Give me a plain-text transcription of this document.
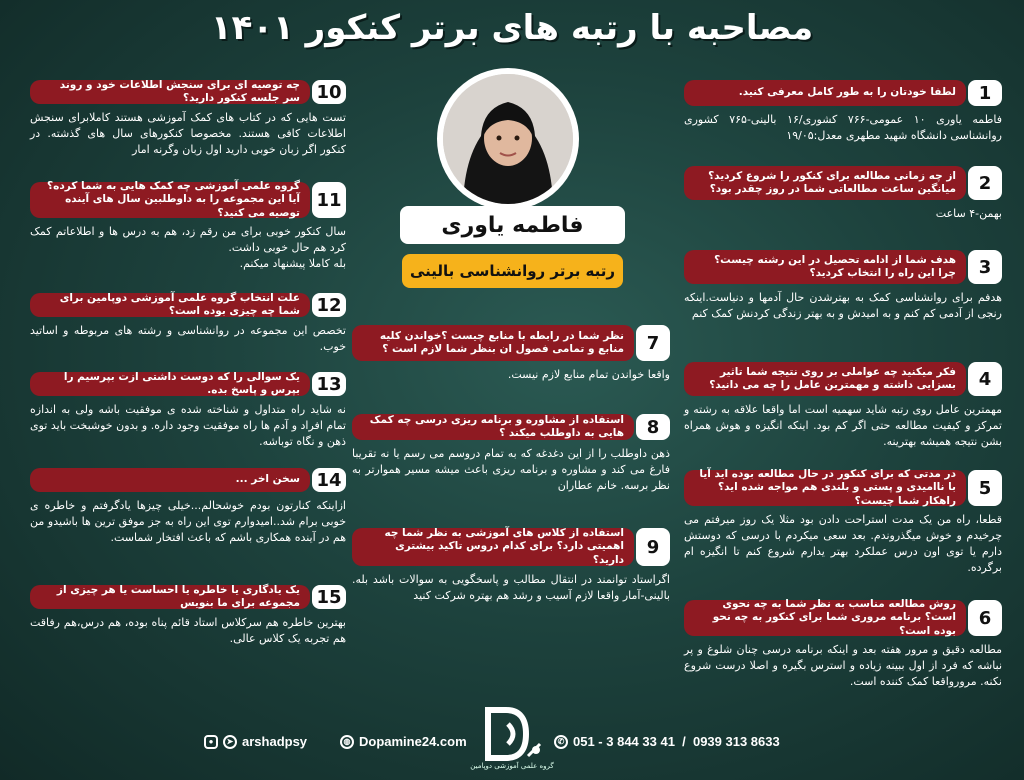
مصاحبه با رتبه های برتر کنکور ۱۴۰۱
لطفا خودتان را به طور کامل معرفی کنید.	1
فاطمه یاوری ۱۰ عمومی-۷۶۶ کشوری/۱۶ بالینی-۷۶۵ کشوری روانشناسی دانشگاه شهید مطهری معدل:۱۹/۰۵
از چه زمانی مطالعه برای کنکور را شروع کردید؟ میانگین ساعت مطالعاتی شما در روز چقدر بود؟	2
بهمن-۴ ساعت
هدف شما از ادامه تحصیل در این رشته چیست؟ چرا این راه را انتخاب کردید؟	3
هدفم برای روانشناسی کمک به بهترشدن حال آدمها و دنیاست.اینکه رنجی از آدمی کم کنم و به امیدش و به بهتر زندگی کردنش کمک کنم
فکر میکنید چه عواملی بر روی نتیجه شما تاثیر بسزایی داشته و مهمترین عامل را چه می دانید؟	4
مهمترین عامل روی رتبه شاید سهمیه است اما واقعا علاقه به رشته و تمرکز و کیفیت مطالعه حتی اگر کم بود. اینکه انگیزه و هوش همراه بشن نتیجه همیشه بهترینه.
در مدتی که برای کنکور در حال مطالعه بوده اید آیا با ناامیدی و پستی و بلندی هم مواجه شده اید؟ راهکار شما چیست؟
5
قطعا، راه من یک مدت استراحت دادن بود مثلا یک روز میرفتم می چرخیدم و خوش میگذروندم. بعد سعی میکردم با درسی که دوستش دارم یا توی اون درس عملکرد بهتر یدارم شروع کنم تا انگیزه ام برگرده.
روش مطالعه مناسب به نظر شما به چه نحوی است؟ برنامه مروری شما برای کنکور به چه نحو بوده است؟
6
مطالعه دقیق و مرور هفته بعد و اینکه برنامه درسی چنان شلوغ و پر نباشه که فرد از اول ببینه زیاده و استرس بگیره و اصلا درست شروع نکنه. مرورواقعا کمک کننده است.
فاطمه یاوری
رتبه برتر روانشناسی بالینی
نظر شما در رابطه با منابع چیست ؟خواندن کلیه منابع و تمامی فصول ان بنظر شما لازم است ؟	7
واقعا خواندن تمام منابع لازم نیست.
استفاده از مشاوره و برنامه ریزی درسی چه کمک هایی به داوطلب میکند ؟	8
ذهن داوطلب را از این دغدغه که به تمام دروسم می رسم یا نه تقریبا فارغ می کند و مشاوره و برنامه ریزی باعث میشه مسیر هموارتر به نظر برسه. خانم عطاران
استفاده از کلاس های آموزشی به نظر شما چه اهمیتی دارد؟ برای کدام دروس تاکید بیشتری دارید؟
9
اگراستاد توانمند در انتقال مطالب و پاسخگویی به سوالات باشد بله. بالینی-آمار واقعا لازم آسیب و رشد هم بهتره شرکت کنید
چه توصیه ای برای سنجش اطلاعات خود و روند سر جلسه کنکور دارید؟ 10
تست هایی که در کتاب های کمک آموزشی هستند کاملابرای سنجش اطلاعات کافی هستند. مخصوصا کنکورهای سال های گذشته. در کنکور اگر زبان خوبی دارید اول زبان وگرنه امار
گروه علمی آموزشی چه کمک هایی به شما کرده؟ آیا این مجموعه را به داوطلبین سال های آینده توصیه می کنید؟
11
سال کنکور خوبی برای من رقم زد، هم به درس ها و اطلاعاتم کمک کرد هم حال خوبی داشت.
بله کاملا پیشنهاد میکنم.
علت انتخاب گروه علمی آموزشی دوپامین برای شما چه چیزی بوده است؟ 12
تخصص این مجموعه در روانشناسی و رشته های مربوطه و اساتید خوب.
یک سوالی را که دوست داشتی ازت بپرسیم را بپرس و پاسخ بده. 13
نه شاید راه متداول و شناخته شده ی موفقیت باشه ولی به اندازه تمام افراد و آدم ها راه موفقیت وجود داره. و بدون خوشبخت باید توی ذهن و نگاه توباشه.
سخن اخر ... 14
ازاینکه کنارتون بودم خوشحالم...خیلی چیزها یادگرفتم و خاطره ی خوبی برام شد..امیدوارم توی این راه به جز موفق ترین ها باشیدو من هم در آینده همکاری باشم که باعث افتخار شماست.
یک یادگاری یا خاطره یا احساست یا هر چیزی از مجموعه برای ما بنویس 15
بهترین خاطره هم سرکلاس استاد قائم پناه بوده، هم درس،هم رفاقت هم تجربه یک کلاس عالی.
●	➤ arshadpsy	◍ Dopamine24.com
گروه علمی آموزشی دوپامین
✆ 051 - 3 844 33 41  /  0939 313 8633
